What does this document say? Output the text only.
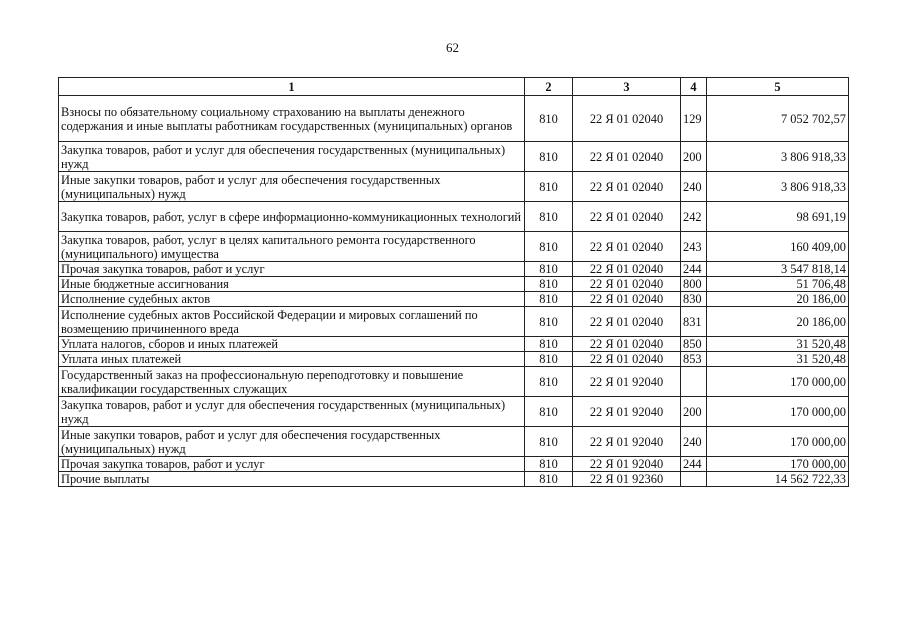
62
1	2	3	4	5
Взносы по обязательному социальному страхованию на выплаты денежного содержания и иные выплаты работникам государственных (муниципальных) органов	810	22 Я 01 02040	129	7 052 702,57
Закупка товаров, работ и услуг для обеспечения государственных (муниципальных) нужд	810	22 Я 01 02040	200	3 806 918,33
Иные закупки товаров, работ и услуг для обеспечения государственных (муниципальных) нужд	810	22 Я 01 02040	240	3 806 918,33
Закупка товаров, работ, услуг в сфере информационно-коммуникационных технологий	810	22 Я 01 02040	242	98 691,19
Закупка товаров, работ, услуг в целях капитального ремонта государственного (муниципального) имущества	810	22 Я 01 02040	243	160 409,00
Прочая закупка товаров, работ и услуг	810	22 Я 01 02040	244	3 547 818,14
Иные бюджетные ассигнования	810	22 Я 01 02040	800	51 706,48
Исполнение судебных актов	810	22 Я 01 02040	830	20 186,00
Исполнение судебных актов Российской Федерации и мировых соглашений по возмещению причиненного вреда	810	22 Я 01 02040	831	20 186,00
Уплата налогов, сборов и иных платежей	810	22 Я 01 02040	850	31 520,48
Уплата иных платежей	810	22 Я 01 02040	853	31 520,48
Государственный заказ на профессиональную переподготовку и повышение квалификации государственных служащих	810	22 Я 01 92040		170 000,00
Закупка товаров, работ и услуг для обеспечения государственных (муниципальных) нужд	810	22 Я 01 92040	200	170 000,00
Иные закупки товаров, работ и услуг для обеспечения государственных (муниципальных) нужд	810	22 Я 01 92040	240	170 000,00
Прочая закупка товаров, работ и услуг	810	22 Я 01 92040	244	170 000,00
Прочие выплаты	810	22 Я 01 92360		14 562 722,33
